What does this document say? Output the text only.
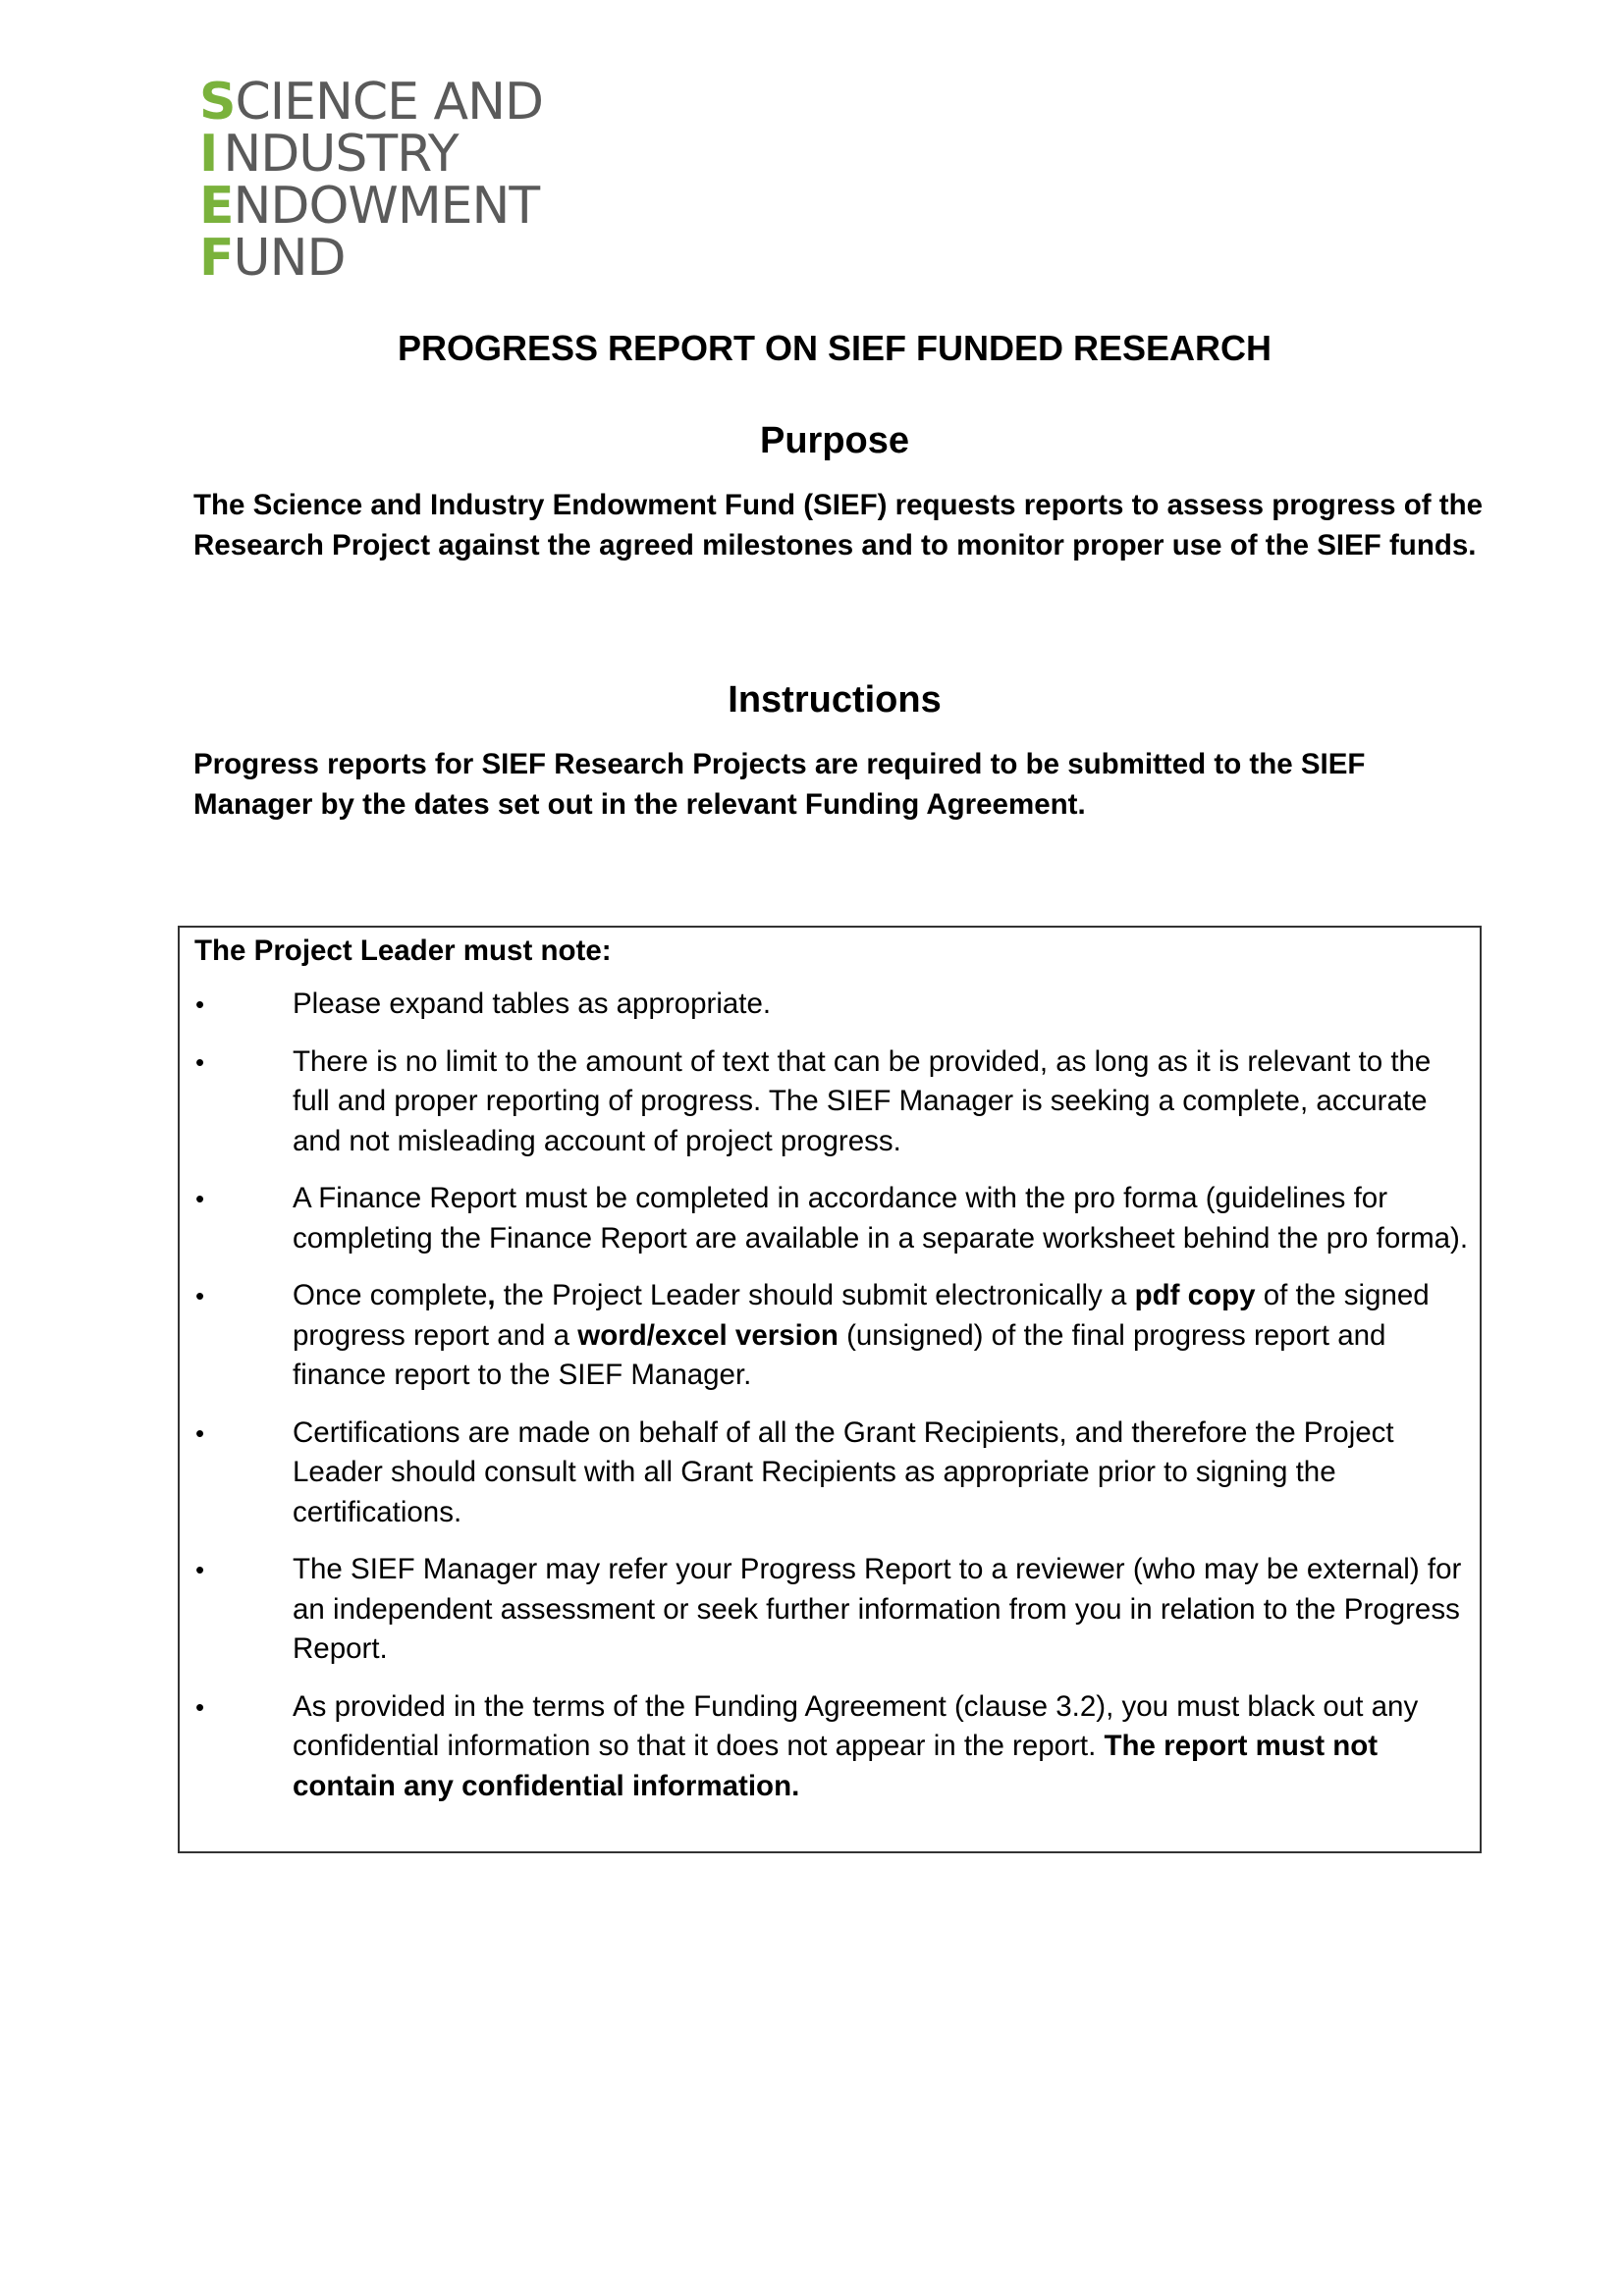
SCIENCE AND
I NDUSTRY
ENDOWMENT
FUND
PROGRESS REPORT ON SIEF FUNDED RESEARCH
Purpose
The Science and Industry Endowment Fund (SIEF) requests reports to assess progress of the Research Project against the agreed milestones and to monitor proper use of the SIEF funds.
Instructions
Progress reports for SIEF Research Projects are required to be submitted to the SIEF Manager by the dates set out in the relevant Funding Agreement.
The Project Leader must note:
•	Please expand tables as appropriate.
•	There is no limit to the amount of text that can be provided, as long as it is relevant to the full and proper reporting of progress. The SIEF Manager is seeking a complete, accurate and not misleading account of project progress.
•	A Finance Report must be completed in accordance with the pro forma (guidelines for completing the Finance Report are available in a separate worksheet behind the pro forma).
•	Once complete, the Project Leader should submit electronically a pdf copy of the signed progress report and a word/excel version (unsigned) of the final progress report and finance report to the SIEF Manager.
•	Certifications are made on behalf of all the Grant Recipients, and therefore the Project Leader should consult with all Grant Recipients as appropriate prior to signing the certifications.
•	The SIEF Manager may refer your Progress Report to a reviewer (who may be external) for an independent assessment or seek further information from you in relation to the Progress Report.
•	As provided in the terms of the Funding Agreement (clause 3.2), you must black out any confidential information so that it does not appear in the report. The report must not contain any confidential information.
